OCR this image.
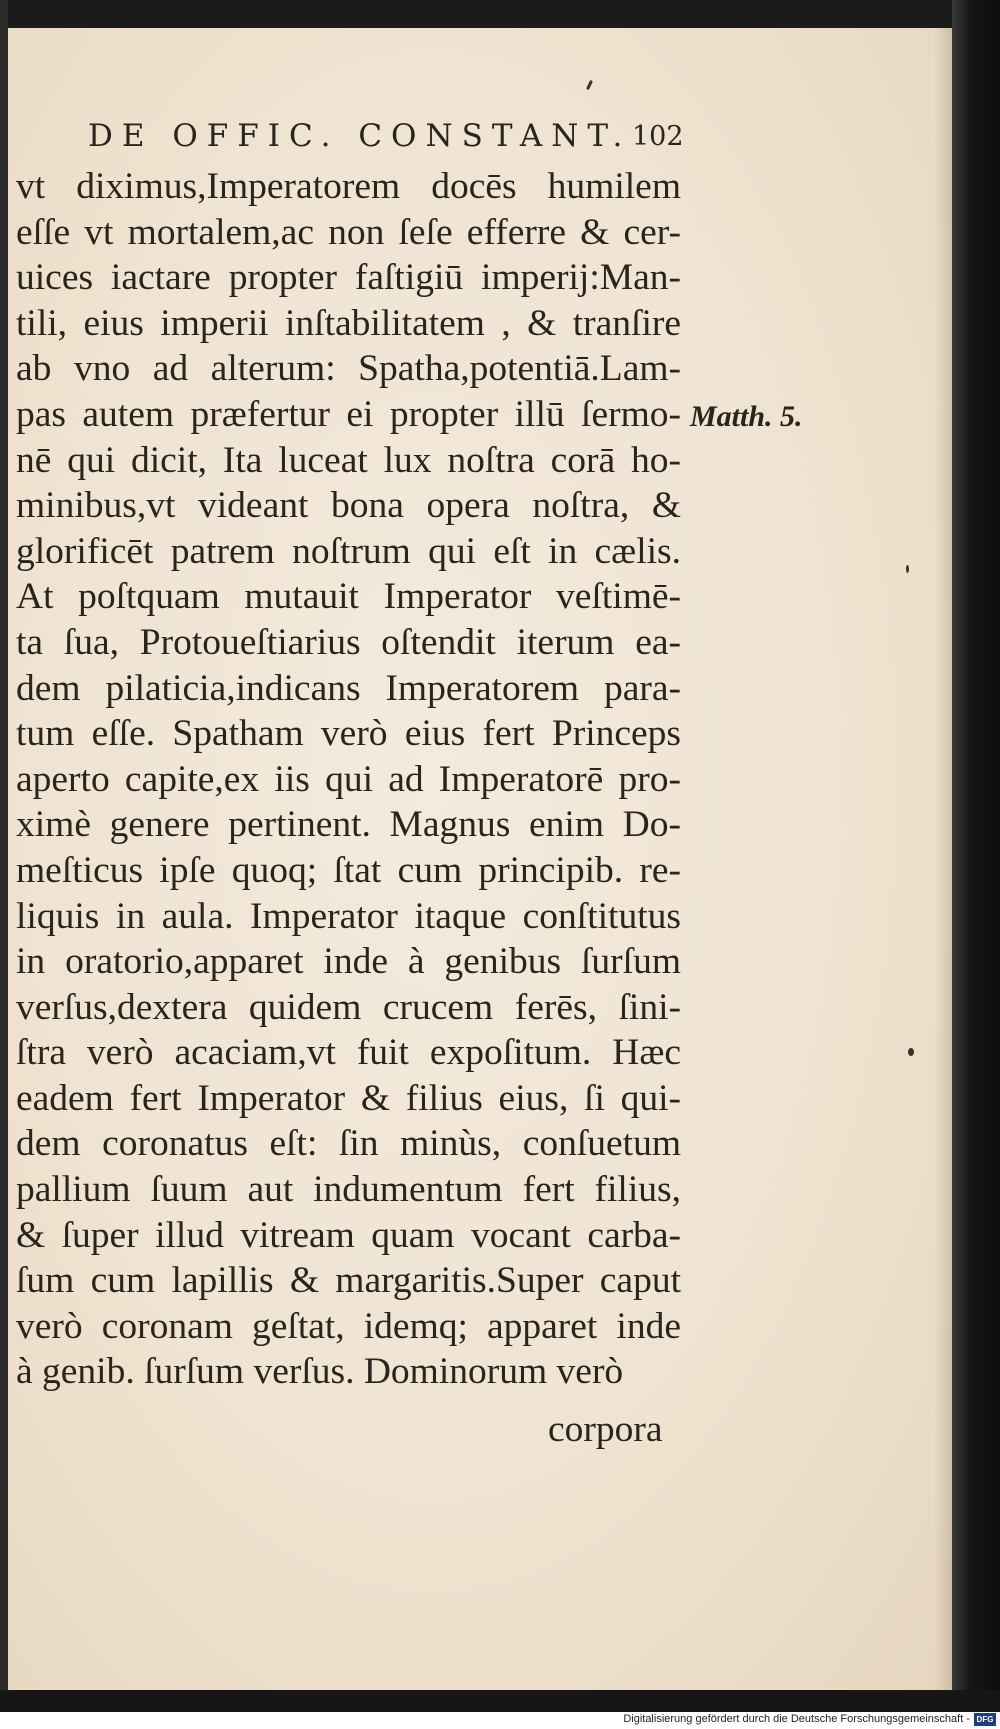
DE OFFIC. CONSTANT. 102
vt diximus,Imperatorem docēs humilem
eſſe vt mortalem,ac non ſeſe efferre & cer-
uices iactare propter faſtigiū imperij:Man-
tili, eius imperii inſtabilitatem , & tranſire
ab vno ad alterum: Spatha,potentiā.Lam-
pas autem præfertur ei propter illū ſermo-
nē qui dicit, Ita luceat lux noſtra corā ho-
minibus,vt videant bona opera noſtra, &
glorificēt patrem noſtrum qui eſt in cælis.
At poſtquam mutauit Imperator veſtimē-
ta ſua, Protoueſtiarius oſtendit iterum ea-
dem pilaticia,indicans Imperatorem para-
tum eſſe. Spatham verò eius fert Princeps
aperto capite,ex iis qui ad Imperatorē pro-
ximè genere pertinent. Magnus enim Do-
meſticus ipſe quoq; ſtat cum principib. re-
liquis in aula. Imperator itaque conſtitutus
in oratorio,apparet inde à genibus ſurſum
verſus,dextera quidem crucem ferēs, ſini-
ſtra verò acaciam,vt fuit expoſitum. Hæc
eadem fert Imperator & filius eius, ſi qui-
dem coronatus eſt: ſin minùs, conſuetum
pallium ſuum aut indumentum fert filius,
& ſuper illud vitream quam vocant carba-
ſum cum lapillis & margaritis.Super caput
verò coronam geſtat, idemq; apparet inde
à genib. ſurſum verſus. Dominorum verò
Matth. 5.
corpora
Digitalisierung gefördert durch die Deutsche Forschungsgemeinschaft - DFG
